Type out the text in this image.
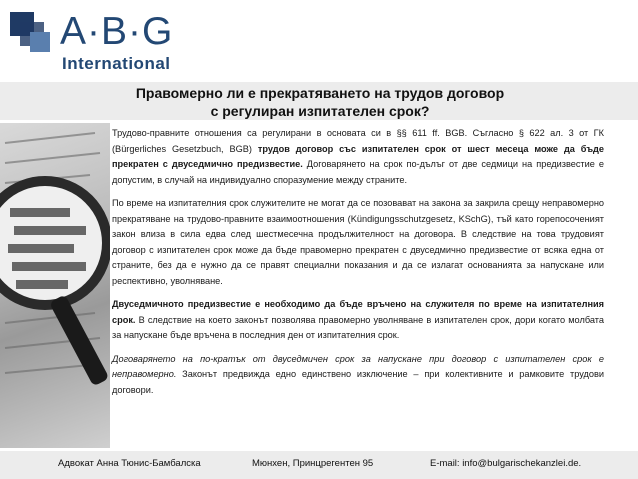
A·B·G
International
Правомерно ли е прекратяването на трудов договор
с регулиран изпитателен срок?

Трудово-правните отношения са регулирани в основата си в §§ 611 ff. BGB. Съгласно § 622 ал. 3 от ГК (Bürgerliches Gesetzbuch, BGB) трудов договор със изпитателен срок от шест месеца може да бъде прекратен с двуседмично предизвестие. Договарянето на срок по-дълъг от две седмици на предизвестие е допустим, в случай на индивидуално споразумение между страните.

По време на изпитателния срок служителите не могат да се позовават на закона за закрила срещу неправомерно прекратяване на трудово-правните взаимоотношения (Kündigungsschutzgesetz, KSchG), тъй като горепосоченият закон влиза в сила едва след шестмесечна продължителност на договора. В следствие на това трудовият договор с изпитателен срок може да бъде правомерно прекратен с двуседмично предизвестие от всяка една от страните, без да е нужно да се правят специални показания и да се излагат основанията за напускане или респективно, уволняване.

Двуседмичното предизвестие е необходимо да бъде връчено на служителя по време на изпитателния срок. В следствие на което законът позволява правомерно уволняване в изпитателен срок, дори когато молбата за напускане бъде връчена в последния ден от изпитателния срок.

Договарянето на по-кратък от двуседмичен срок за напускане при договор с изпитателен срок е неправомерно. Законът предвижда едно единствено изключение – при колективните и рамковите трудови договори.

Адвокат Анна Тюнис-Бамбалска	Мюнхен, Принцрегентен 95	E-mail: info@bulgarischekanzlei.de.
